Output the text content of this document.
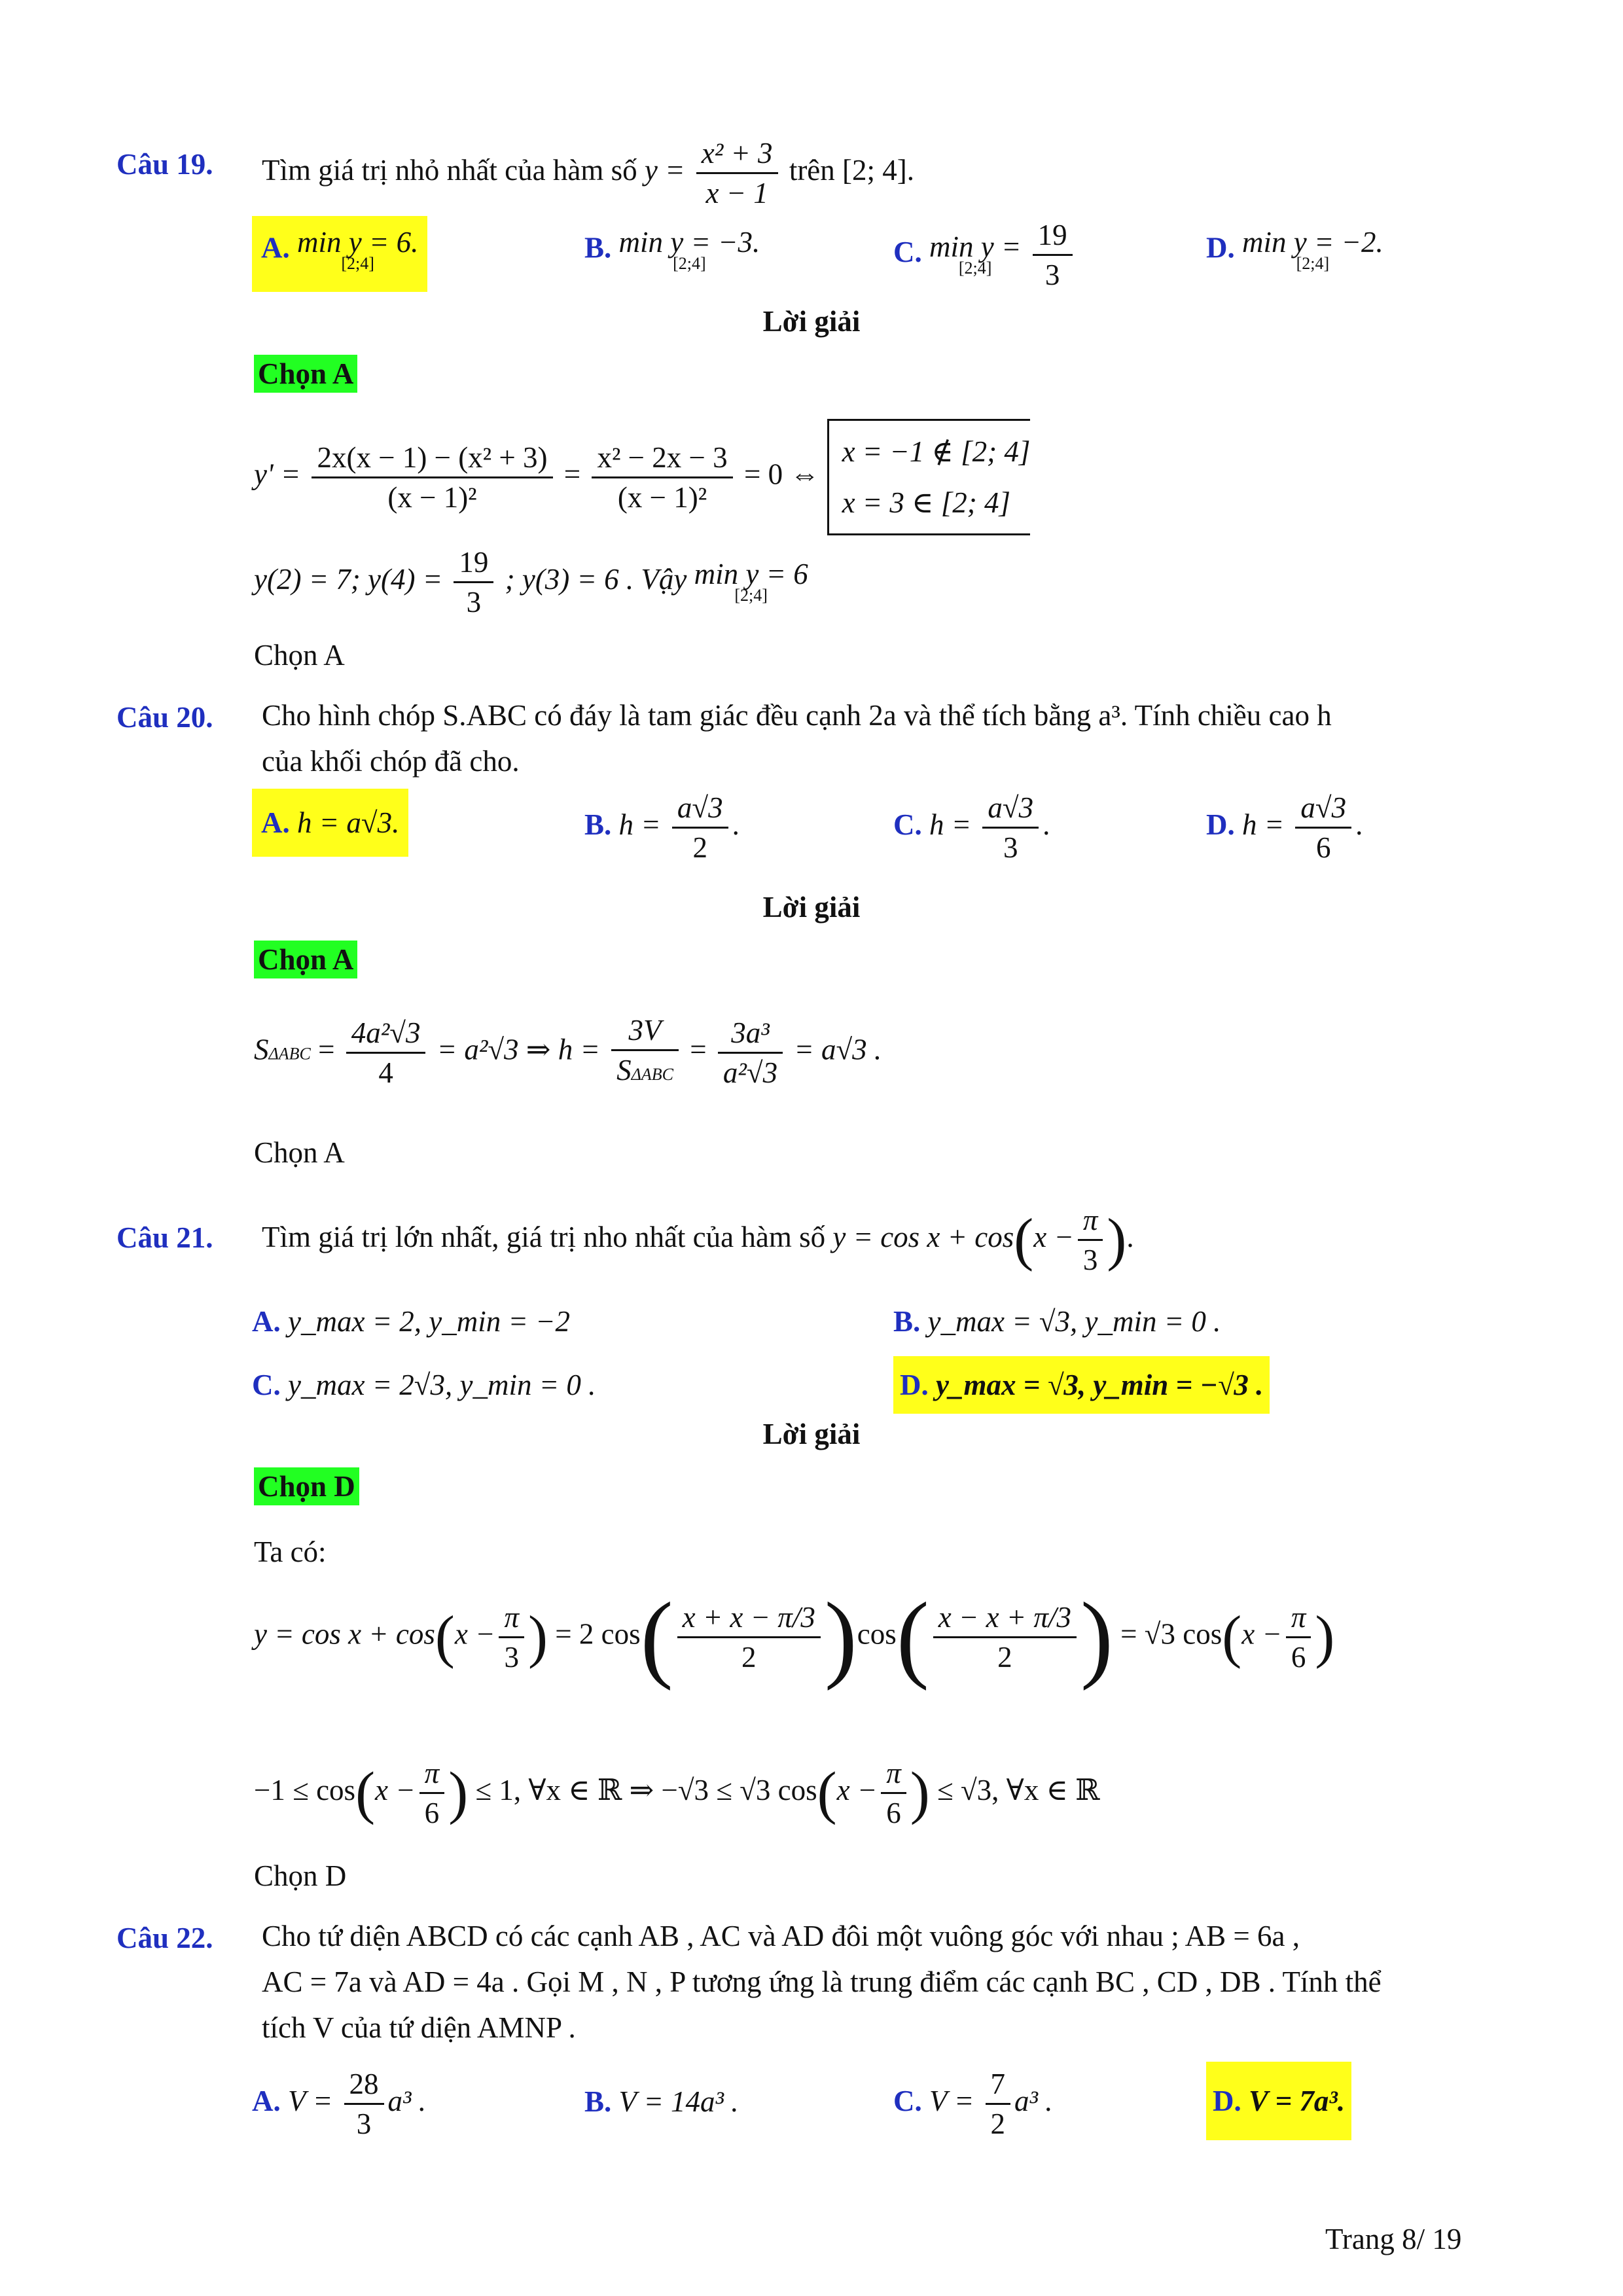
Câu 19. Tìm giá trị nhỏ nhất của hàm số $y = \frac{\text{x² + 3}}{x - 1}$ trên [2; 4].
A. min y = 6.
[2;4]	B. min y = −3.
[2;4]	C. min y =
[2;4]
	$\frac{19}{3}$	D. min y = −2.
[2;4]
Lời giải
Chọn A
$y' = \frac{\text{2x(x − 1) − (x² + 3)}}{\text{(x − 1)²}} = \frac{\text{x² − 2x − 3}}{\text{(x − 1)²}} = 0$ ⇔
x = −1 ∉ [2; 4]
x = 3 ∈ [2; 4]
y(2) = 7; $y(4) = \frac{19}{3}$ ; y(3) = 6 . Vậy min y = 6
[2;4]
Chọn A
Câu 20. Cho hình chóp S.ABC có đáy là tam giác đều cạnh 2a và thể tích bằng a³. Tính chiều cao h
của khối chóp đã cho.
A. h = a√3.	B. $h = \frac{a√3}{2}$ .	C. $h = \frac{a√3}{3}$ .	D. $h = \frac{a√3}{6}$ .
Lời giải
Chọn A
$S\Delta ABC = \frac{\text{4a²√3}}{4} = a^2√3$ ⇒ $h = \frac{3V}{\text{SΔABC}} = \frac{\text{3a³}}{\text{a²√3}} = a√3$ .
Chọn A
Câu 21. Tìm giá trị lớn nhất, giá trị nho nhất của hàm số $y = \cos x + \cos(x - \frac{\pi}{3}$ ).
A. y_max = 2, y_min = −2	B. y_max = √3, y_min = 0 .
C. y_max = 2√3, y_min = 0 .	D. y_max = √3, y_min = −√3 .
Lời giải
Chọn D
Ta có:
$y = \cos x + \cos(x - \frac{\pi}{3}$ ) = 2 $\cos( \frac{x + x - \pi/3}{2} )\cos( \frac{x - x + \pi/3}{2}$ ) = √3 $\cos(x - \frac{\pi}{6}$ )
$-1 \le \cos(x - \frac{\pi}{6}$ ) ≤ 1, ∀x ∈ ℝ ⇒ −√3 ≤ √3 $\cos(x - \frac{\pi}{6}$ ) ≤ √3, ∀x ∈ ℝ
Chọn D
Câu 22. Cho tứ diện ABCD có các cạnh AB , AC và AD đôi một vuông góc với nhau ; AB = 6a ,
AC = 7a và AD = 4a . Gọi M , N , P tương ứng là trung điểm các cạnh BC , CD , DB . Tính thể
tích V của tứ diện AMNP .
A. $V = \frac{28}{3} a^3$ .	B. V = 14a³ .	C. $V = \frac{7}{2} a^3$ .	D. V = 7a³.
Trang 8/ 19
